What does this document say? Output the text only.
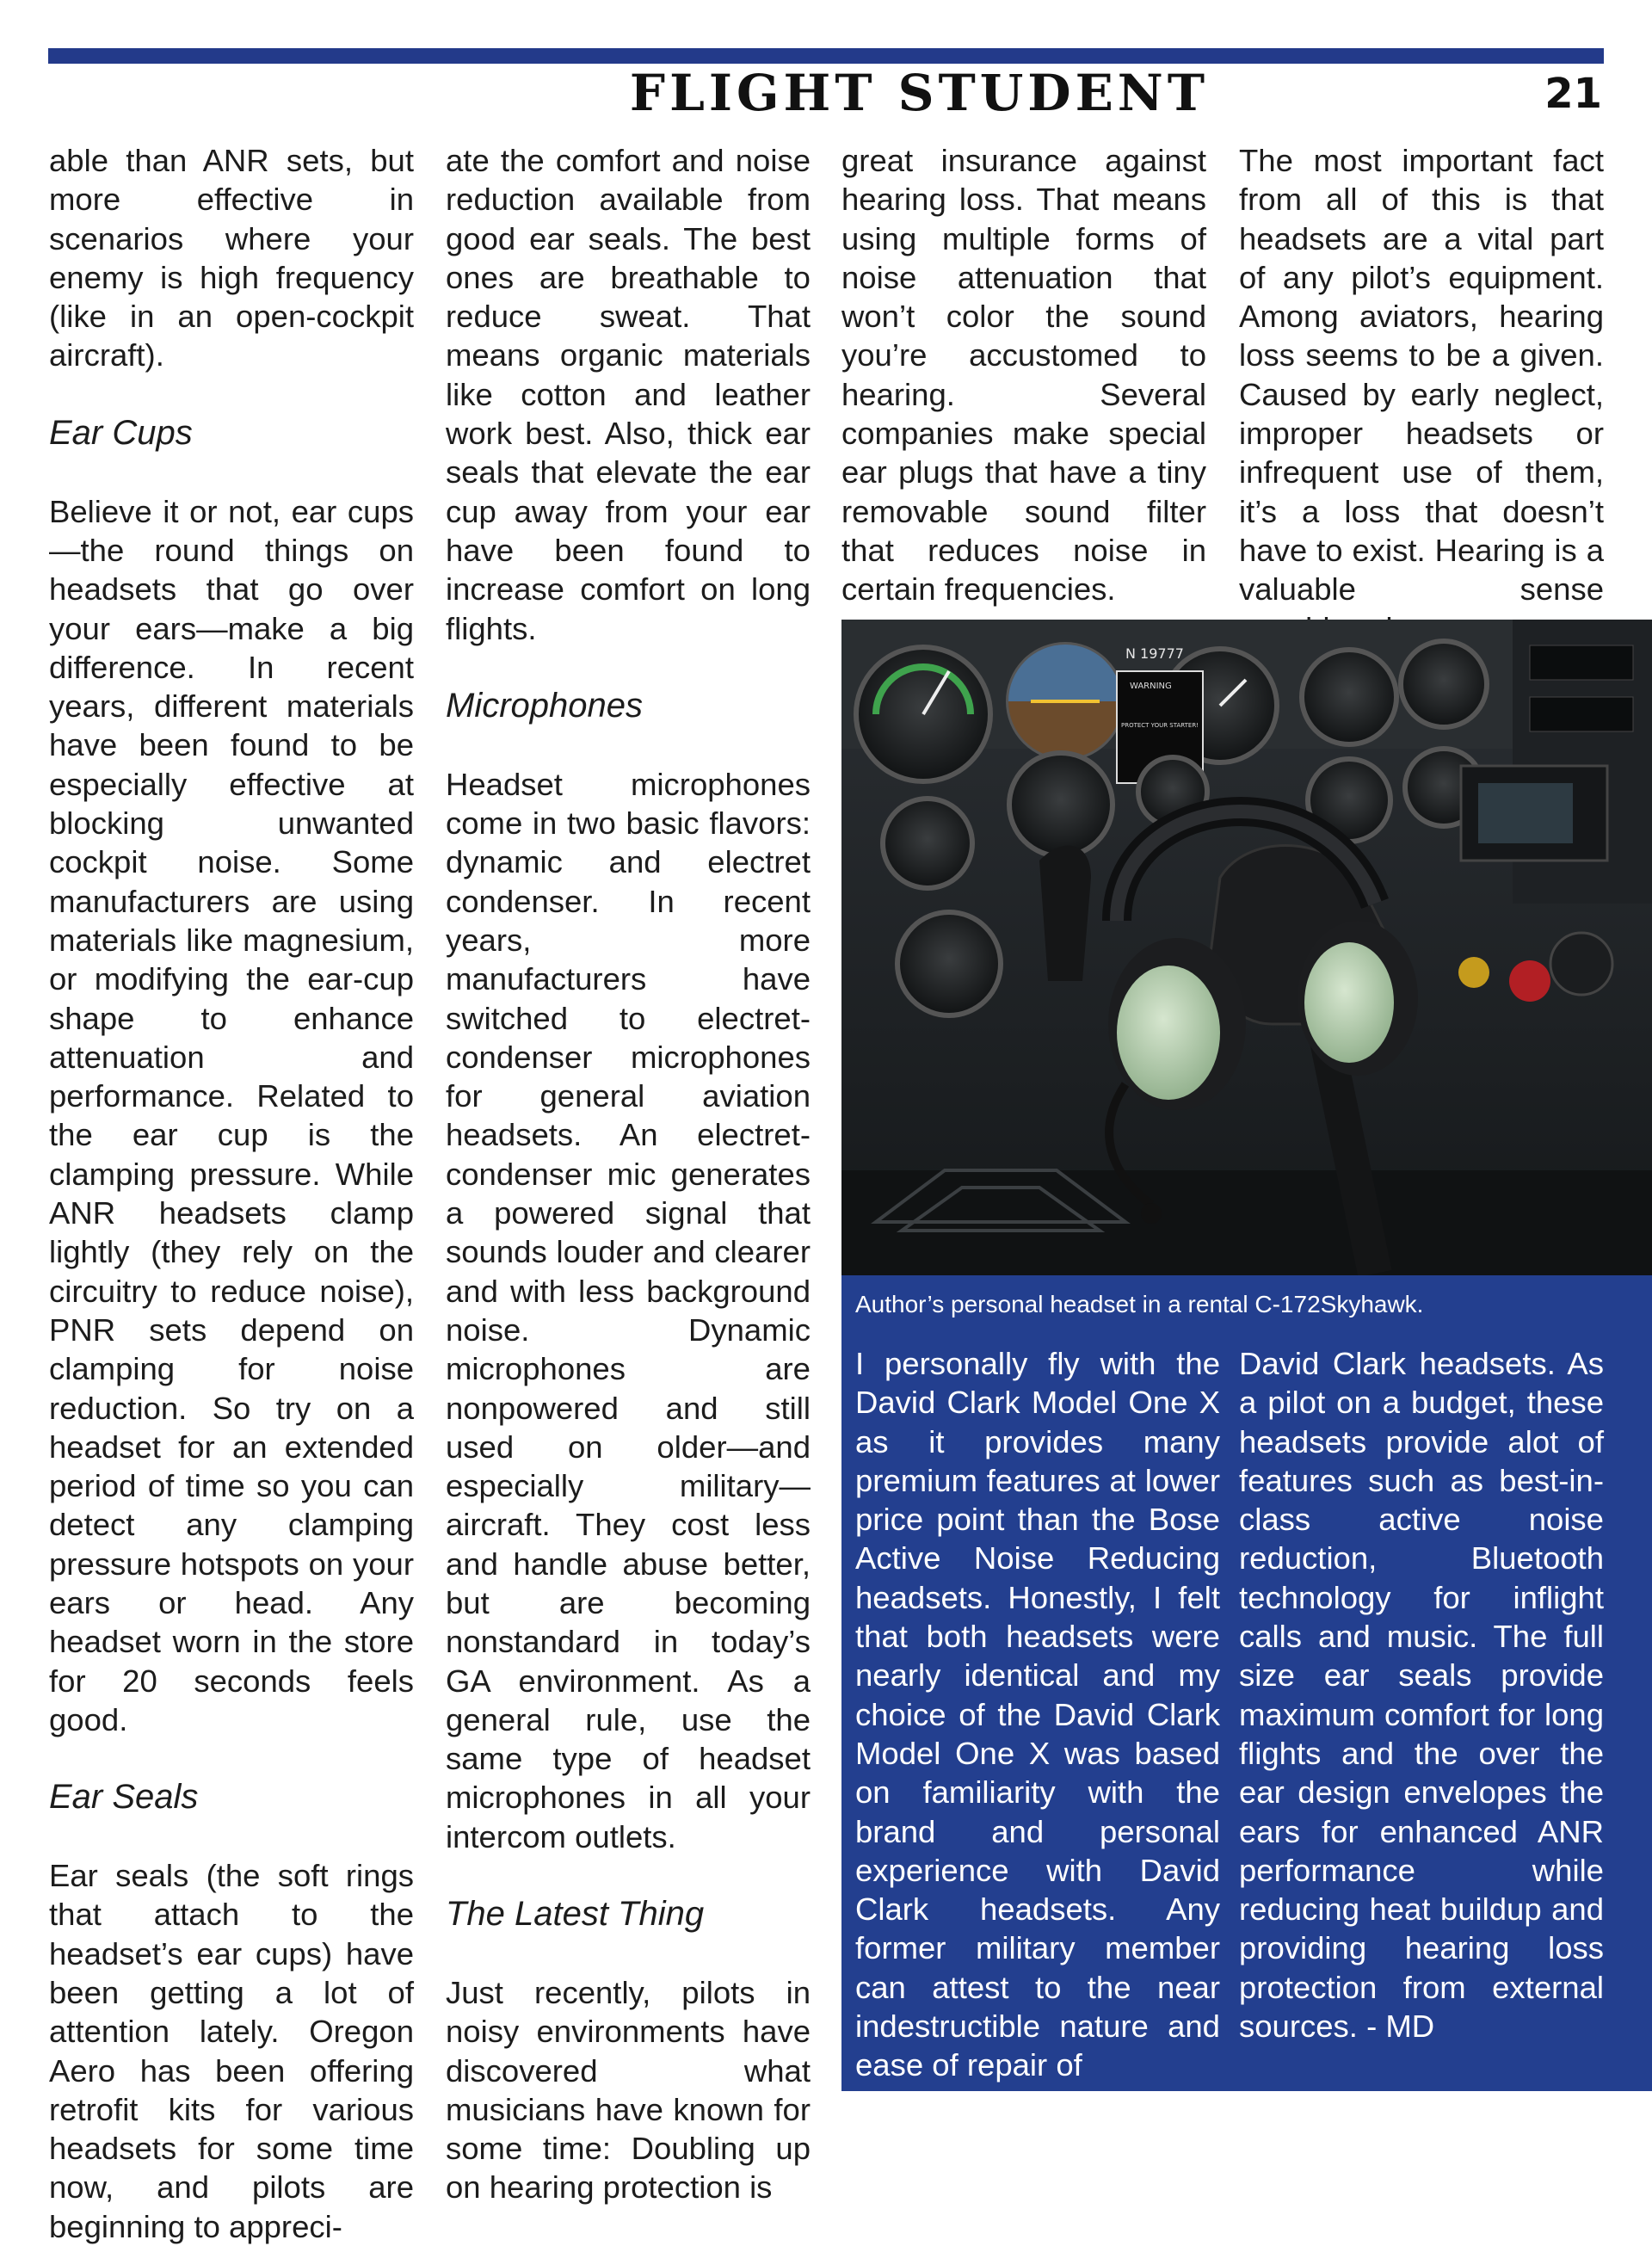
FLIGHT STUDENT	21

able than ANR sets, but more effective in scenarios where your enemy is high frequency (like in an open-cockpit aircraft).

Ear Cups

Believe it or not, ear cups—the round things on headsets that go over your ears—make a big difference. In recent years, different materials have been found to be especially effective at blocking unwanted cockpit noise. Some manufacturers are using materials like magnesium, or modifying the ear-cup shape to enhance attenuation and performance. Related to the ear cup is the clamping pressure. While ANR headsets clamp lightly (they rely on the circuitry to reduce noise), PNR sets depend on clamping for noise reduction. So try on a headset for an extended period of time so you can detect any clamping pressure hotspots on your ears or head. Any headset worn in the store for 20 seconds feels good.

Ear Seals

Ear seals (the soft rings that attach to the headset’s ear cups) have been getting a lot of attention lately. Oregon Aero has been offering retrofit kits for various headsets for some time now, and pilots are beginning to appreci-

ate the comfort and noise reduction available from good ear seals. The best ones are breathable to reduce sweat. That means organic materials like cotton and leather work best. Also, thick ear seals that elevate the ear cup away from your ear have been found to increase comfort on long flights.

Microphones

Headset microphones come in two basic flavors: dynamic and electret condenser. In recent years, more manufacturers have switched to electret-condenser microphones for general aviation headsets. An electret-condenser mic generates a powered signal that sounds louder and clearer and with less background noise. Dynamic microphones are nonpowered and still used on older—and especially military—aircraft. They cost less and handle abuse better, but are becoming nonstandard in today’s GA environment. As a general rule, use the same type of headset microphones in all your intercom outlets.

The Latest Thing

Just recently, pilots in noisy environments have discovered what musicians have known for some time: Doubling up on hearing protection is

great insurance against hearing loss. That means using multiple forms of noise attenuation that won’t color the sound you’re accustomed to hearing. Several companies make special ear plugs that have a tiny removable sound filter that reduces noise in certain frequencies.

The most important fact from all of this is that headsets are a vital part of any pilot’s equipment. Among aviators, hearing loss seems to be a given. Caused by early neglect, improper headsets or infrequent use of them, it’s a loss that doesn’t have to exist. Hearing is a valuable sense

N 19777
WARNING
PROTECT YOUR STARTER!
Author’s personal headset in a rental C-172Skyhawk.

I personally fly with the David Clark Model One X as it provides many premium features at lower price point than the Bose Active Noise Reducing headsets. Honestly, I felt that both headsets were nearly identical and my choice of the David Clark Model One X was based on familiarity with the brand and personal experience with David Clark headsets. Any former military member can attest to the near indestructible nature and ease of repair of

David Clark headsets. As a pilot on a budget, these headsets provide alot of features such as best-in-class active noise reduction, Bluetooth technology for inflight calls and music. The full size ear seals provide maximum comfort for long flights and the over the ear design envelopes the ears for enhanced ANR performance while reducing heat buildup and providing hearing loss protection from external sources. - MD
